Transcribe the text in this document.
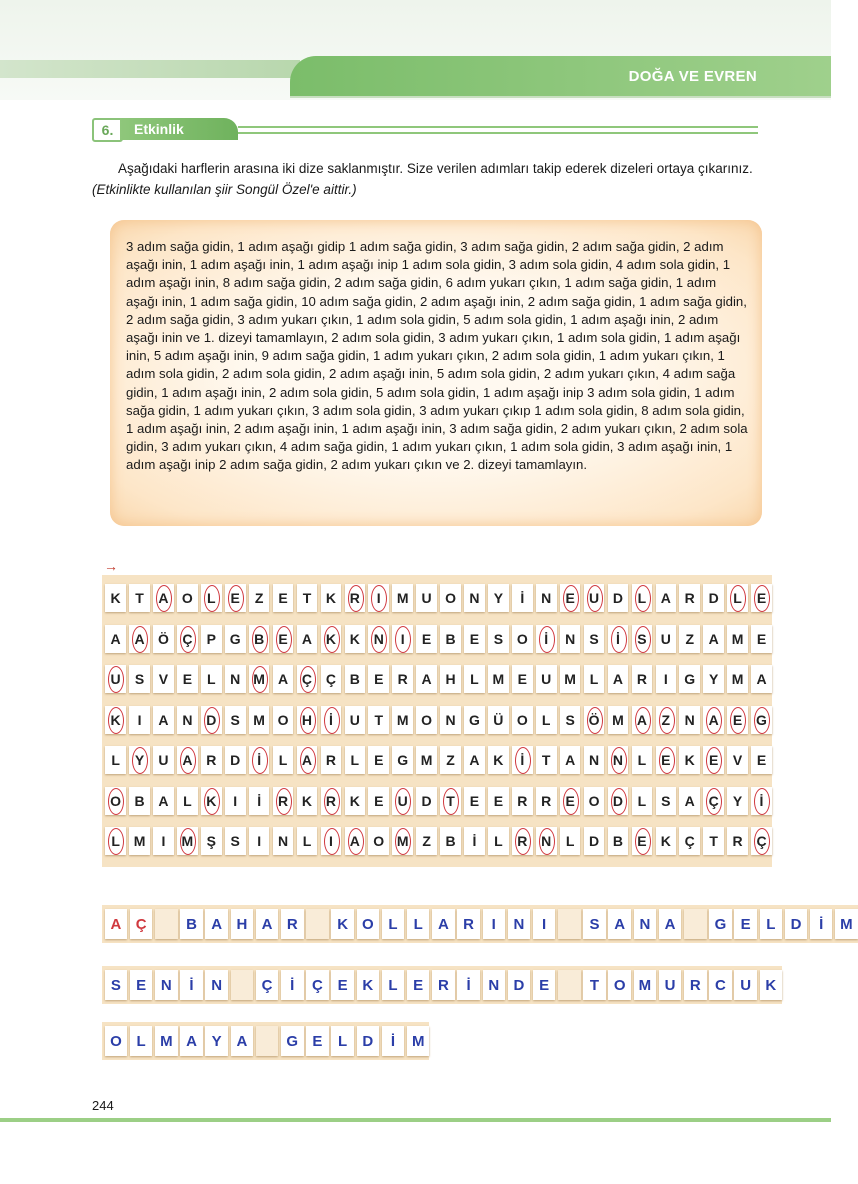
DOĞA VE EVREN
6.	Etkinlik

Aşağıdaki harflerin arasına iki dize saklanmıştır. Size verilen adımları takip ederek dizeleri ortaya çıkarınız. (Etkinlikte kullanılan şiir Songül Özel'e aittir.)

3 adım sağa gidin, 1 adım aşağı gidip 1 adım sağa gidin, 3 adım sağa gidin, 2 adım sağa gidin, 2 adım aşağı inin, 1 adım aşağı inin, 1 adım aşağı inip 1 adım sola gidin, 3 adım sola gidin, 4 adım sola gidin, 1 adım aşağı inin, 8 adım sağa gidin, 2 adım sağa gidin, 6 adım yukarı çıkın, 1 adım sağa gidin, 1 adım aşağı inin, 1 adım sağa gidin, 10 adım sağa gidin, 2 adım aşağı inin, 2 adım sağa gidin, 1 adım sağa gidin, 2 adım sağa gidin, 3 adım yukarı çıkın, 1 adım sola gidin, 5 adım sola gidin, 1 adım aşağı inin, 2 adım aşağı inin ve 1. dizeyi tamamlayın, 2 adım sola gidin, 3 adım yukarı çıkın, 1 adım sola gidin, 1 adım aşağı inin, 5 adım aşağı inin, 9 adım sağa gidin, 1 adım yukarı çıkın, 2 adım sola gidin, 1 adım yukarı çıkın, 1 adım sola gidin, 2 adım sola gidin, 2 adım aşağı inin, 5 adım sola gidin, 2 adım yukarı çıkın, 4 adım sağa gidin, 1 adım aşağı inin, 2 adım sola gidin, 5 adım sola gidin, 1 adım aşağı inip 3 adım sola gidin, 1 adım sağa gidin, 1 adım yukarı çıkın, 3 adım sola gidin, 3 adım yukarı çıkıp 1 adım sola gidin, 8 adım sola gidin, 1 adım aşağı inin, 2 adım aşağı inin, 1 adım aşağı inin, 3 adım sağa gidin, 2 adım yukarı çıkın, 2 adım sola gidin, 3 adım yukarı çıkın, 4 adım sağa gidin, 1 adım yukarı çıkın, 1 adım sola gidin, 3 adım aşağı inin, 1 adım aşağı inip 2 adım sağa gidin, 2 adım yukarı çıkın ve 2. dizeyi tamamlayın.
→
K	T	A O	L	E	Z	E	T	K R	I	M U O N	Y	İ	N	E	U D	L	A R D	L	E
A A Ö Ç	P G B	E	A K K N	I	E	B	E	S O	İ	N	S	İ	S	U	Z	A M E
U	S	V	E	L	N M A Ç Ç B	E	R A H	L M E	U M L	A R	I	G Y M A
K	I	A N D	S M O H	İ	U	T M O N G Ü O	L	S Ö M A	Z	N A	E G
L	Y	U A R D	İ	L	A R	L	E G M Z	A K	İ	T	A N N	L	E	K	E	V	E
O B A	L	K	I	İ	R K R K	E	U D	T	E	E	R R	E O D	L	S	A Ç	Y	İ
L M	I	M Ş	S	I	N	L	I	A O M Z	B	İ	L	R N	L	D B	E	K Ç	T	R Ç
A Ç	B A H A R	K O L	L	A R	I	N	I	S A N A	G E	L	D	İ	M
S	E N	İ	N	Ç	İ	Ç E K	L	E R	İ	N D E	T O M U R C U K
O L M A Y A	G E	L	D	İ	M
244
